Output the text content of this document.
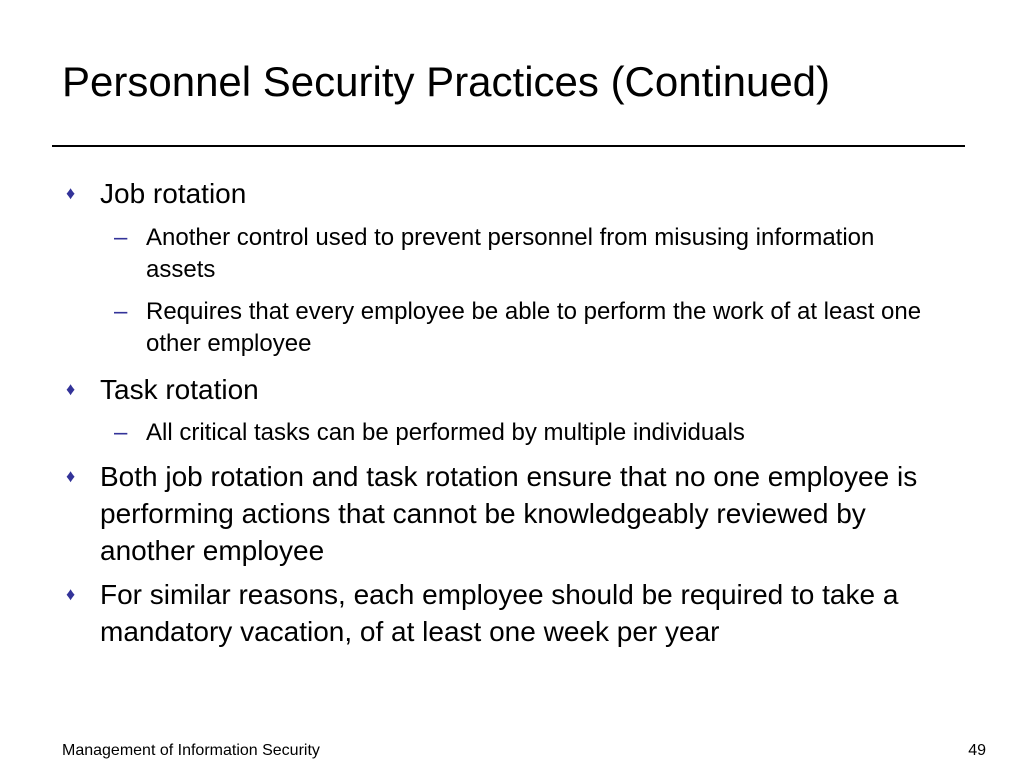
Personnel Security Practices (Continued)
♦ Job rotation
– Another control used to prevent personnel from misusing information assets
– Requires that every employee be able to perform the work of at least one other employee
♦ Task rotation
– All critical tasks can be performed by multiple individuals
♦ Both job rotation and task rotation ensure that no one employee is performing actions that cannot be knowledgeably reviewed by another employee
♦ For similar reasons, each employee should be required to take a mandatory vacation, of at least one week per year
Management of Information Security	49
